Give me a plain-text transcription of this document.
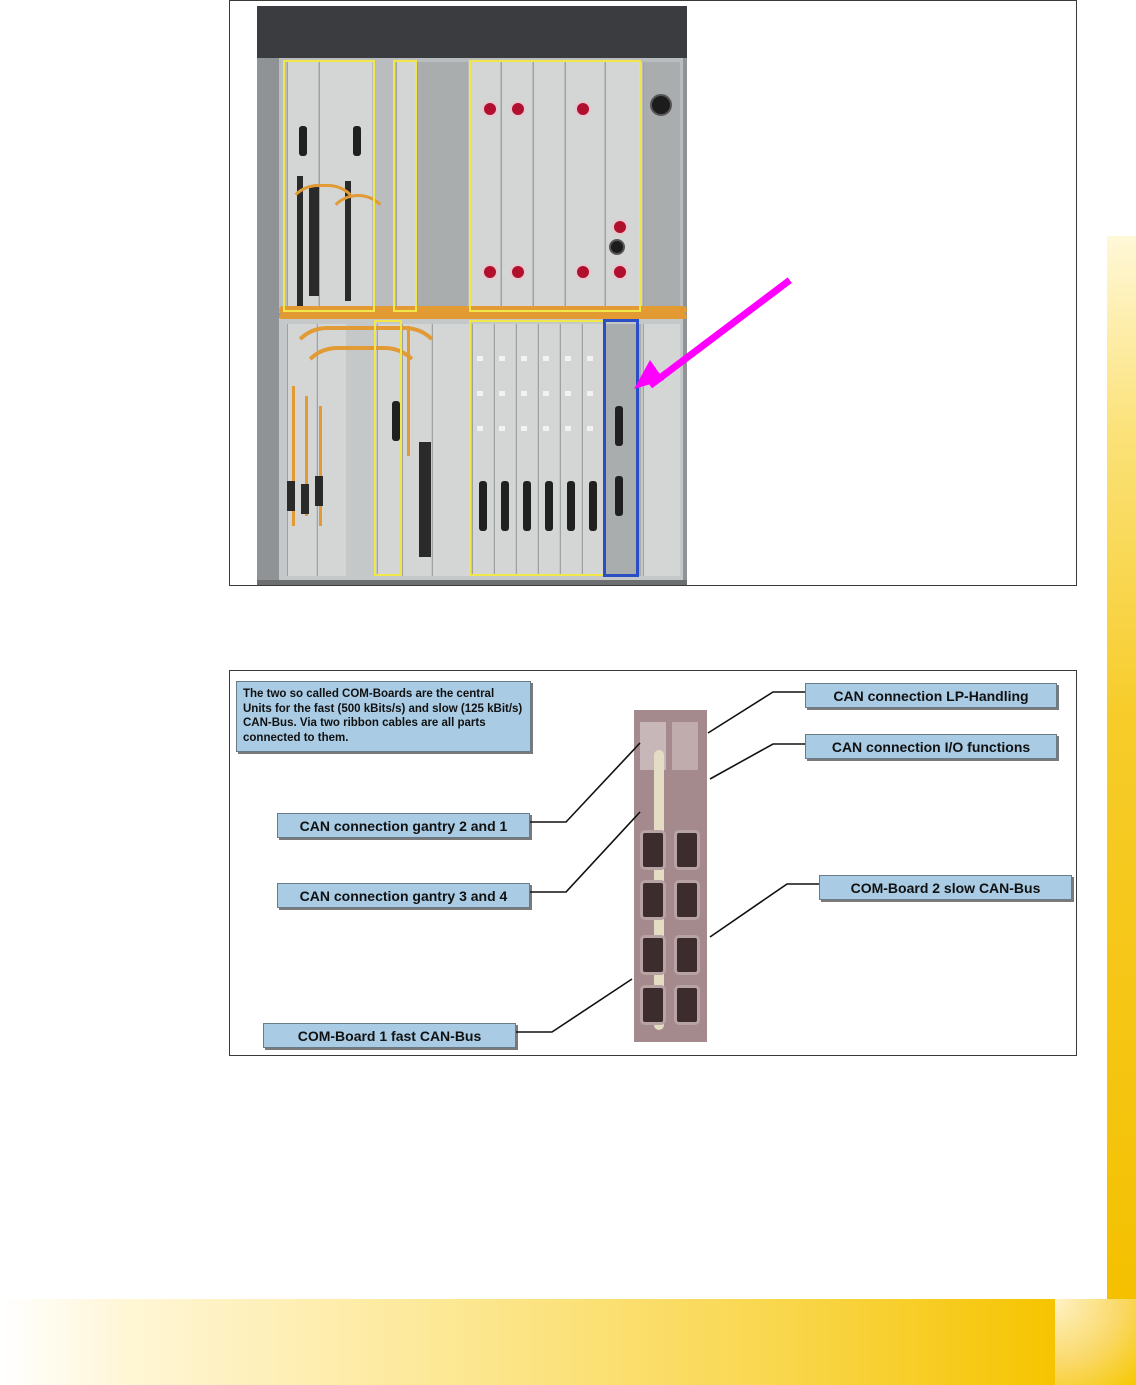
The two so called COM-Boards are the central Units for the fast (500 kBits/s) and slow (125 kBit/s) CAN-Bus. Via two ribbon cables are all parts connected to them.
CAN connection LP-Handling
CAN connection I/O functions
CAN connection gantry 2 and 1
CAN connection gantry 3 and 4	COM-Board 2 slow CAN-Bus
COM-Board 1 fast CAN-Bus
